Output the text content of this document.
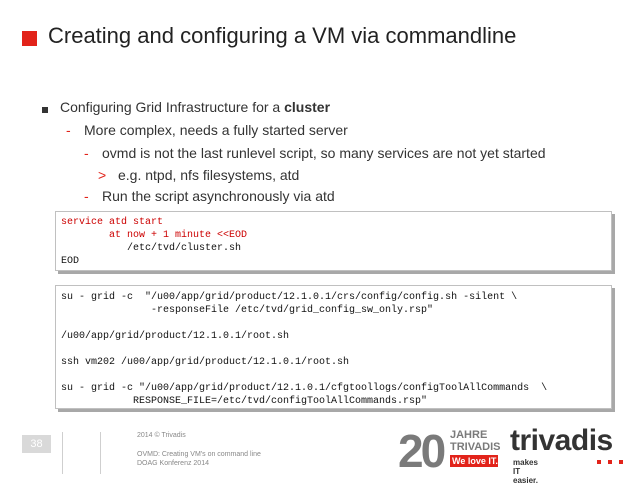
Creating and configuring a VM via commandline
Configuring Grid Infrastructure for a cluster
- More complex, needs a fully started server
- ovmd is not the last runlevel script, so many services are not yet started
> e.g. ntpd, nfs filesystems, atd
- Run the script asynchronously via atd
service atd start
at now + 1 minute <<EOD
/etc/tvd/cluster.sh
EOD
su - grid -c  "/u00/app/grid/product/12.1.0.1/crs/config/config.sh -silent \
-responseFile /etc/tvd/grid_config_sw_only.rsp"
/u00/app/grid/product/12.1.0.1/root.sh
ssh vm202 /u00/app/grid/product/12.1.0.1/root.sh
su - grid -c "/u00/app/grid/product/12.1.0.1/cfgtoollogs/configToolAllCommands  \
RESPONSE_FILE=/etc/tvd/configToolAllCommands.rsp"
38
2014 © Trivadis
OVMD: Creating VM's on command line
DOAG Konferenz 2014	20 JAHRE
TRIVADIS
We love IT.
trivadis
makes IT easier.
